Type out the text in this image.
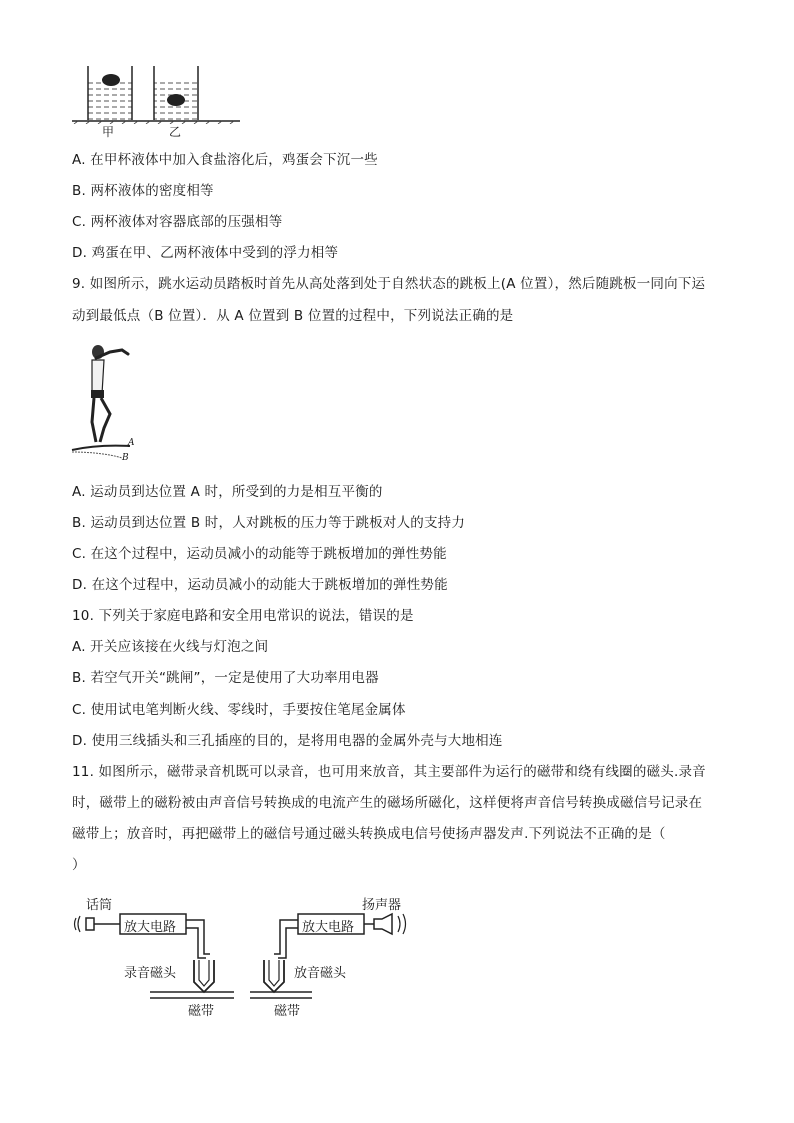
甲	乙
A. 在甲杯液体中加入食盐溶化后，鸡蛋会下沉一些
B. 两杯液体的密度相等
C. 两杯液体对容器底部的压强相等
D. 鸡蛋在甲、乙两杯液体中受到的浮力相等
9. 如图所示，跳水运动员踏板时首先从高处落到处于自然状态的跳板上(A 位置），然后随跳板一同向下运
动到最低点（B 位置）．从 A 位置到 B 位置的过程中，下列说法正确的是
A
B
A. 运动员到达位置 A 时，所受到的力是相互平衡的
B. 运动员到达位置 B 时，人对跳板的压力等于跳板对人的支持力
C. 在这个过程中，运动员减小的动能等于跳板增加的弹性势能
D. 在这个过程中，运动员减小的动能大于跳板增加的弹性势能
10. 下列关于家庭电路和安全用电常识的说法，错误的是
A. 开关应该接在火线与灯泡之间
B. 若空气开关“跳闸”，一定是使用了大功率用电器
C. 使用试电笔判断火线、零线时，手要按住笔尾金属体
D. 使用三线插头和三孔插座的目的，是将用电器的金属外壳与大地相连
11. 如图所示，磁带录音机既可以录音，也可用来放音，其主要部件为运行的磁带和绕有线圈的磁头.录音
时，磁带上的磁粉被由声音信号转换成的电流产生的磁场所磁化，这样便将声音信号转换成磁信号记录在
磁带上；放音时，再把磁带上的磁信号通过磁头转换成电信号使扬声器发声.下列说法不正确的是（
）
话筒
放大电路
录音磁头
磁带
扬声器
放大电路
放音磁头
磁带
